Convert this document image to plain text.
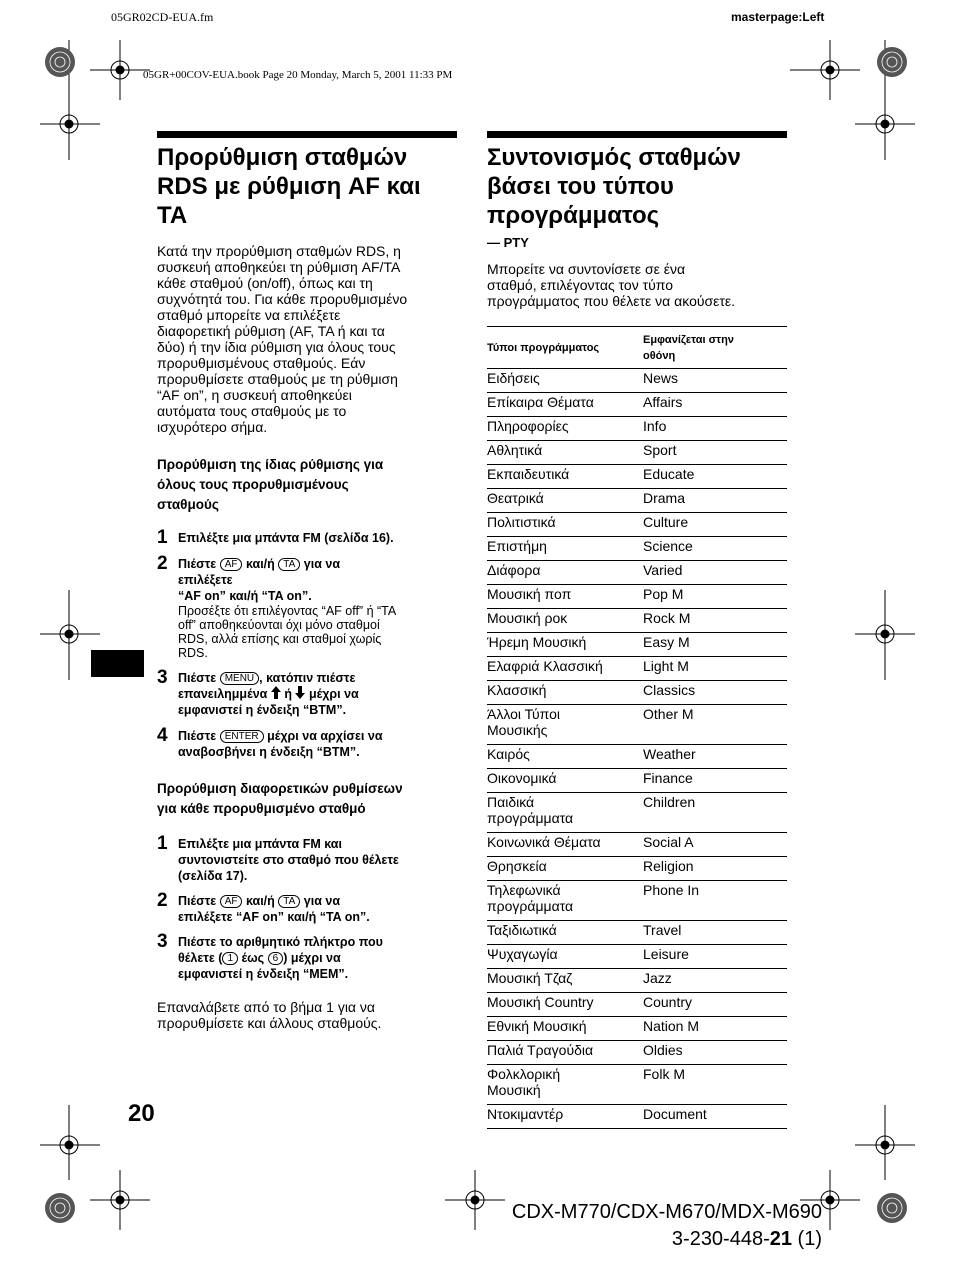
05GR02CD-EUA.fm	masterpage:Left
05GR+00COV-EUA.book Page 20 Monday, March 5, 2001 11:33 PM
Προρύθμιση σταθμών
RDS με ρύθμιση AF και
TA
Κατά την προρύθμιση σταθμών RDS, η
συσκευή αποθηκεύει τη ρύθμιση AF/TA
κάθε σταθμού (on/off), όπως και τη
συχνότητά του. Για κάθε προρυθμισμένο
σταθμό μπορείτε να επιλέξετε
διαφορετική ρύθμιση (AF, TA ή και τα
δύο) ή την ίδια ρύθμιση για όλους τους
προρυθμισμένους σταθμούς. Εάν
προρυθμίσετε σταθμούς με τη ρύθμιση
“AF on”, η συσκευή αποθηκεύει
αυτόματα τους σταθμούς με το
ισχυρότερο σήμα.
Προρύθμιση της ίδιας ρύθμισης για
όλους τους προρυθμισμένους
σταθμούς
1 Επιλέξτε μια μπάντα FM (σελίδα 16).
2 Πιέστε AF και/ή TA για να
επιλέξετε
“AF on” και/ή “TA on”.
Προσέξτε ότι επιλέγοντας “AF off” ή “TA
off” αποθηκεύονται όχι μόνο σταθμοί
RDS, αλλά επίσης και σταθμοί χωρίς
RDS.
3 Πιέστε MENU , κατόπιν πιέστε
επανειλημμένα ή μέχρι να
εμφανιστεί η ένδειξη “BTM”.
4 Πιέστε ENTER μέχρι να αρχίσει να
αναβοσβήνει η ένδειξη “BTM”.
Προρύθμιση διαφορετικών ρυθμίσεων
για κάθε προρυθμισμένο σταθμό
1 Επιλέξτε μια μπάντα FM και
συντονιστείτε στο σταθμό που θέλετε
(σελίδα 17).
2 Πιέστε AF και/ή TA για να
επιλέξετε “AF on” και/ή “TA on”.
3 Πιέστε το αριθμητικό πλήκτρο που
θέλετε ( 1 έως 6 ) μέχρι να
εμφανιστεί η ένδειξη “MEM”.
Επαναλάβετε από το βήμα 1 για να
προρυθμίσετε και άλλους σταθμούς.
Συντονισμός σταθμών
βάσει του τύπου
προγράμματος
— PTY
Μπορείτε να συντονίσετε σε ένα
σταθμό, επιλέγοντας τον τύπο
προγράμματος που θέλετε να ακούσετε.
Τύποι προγράμματος	Εμφανίζεται στην
οθόνη

Ειδήσεις	News
Επίκαιρα Θέματα	Affairs
Πληροφορίες	Info
Αθλητικά	Sport
Εκπαιδευτικά	Educate
Θεατρικά	Drama
Πολιτιστικά	Culture
Επιστήμη	Science
Διάφορα	Varied
Μουσική ποπ	Pop M
Μουσική ροκ	Rock M
Ήρεμη Μουσική	Easy M
Ελαφριά Κλασσική	Light M
Κλασσική	Classics
Άλλοι Τύποι
Μουσικής	Other M
Καιρός	Weather
Οικονομικά	Finance
Παιδικά
προγράμματα	Children
Κοινωνικά Θέματα	Social A
Θρησκεία	Religion
Τηλεφωνικά
προγράμματα	Phone In
Ταξιδιωτικά	Travel
Ψυχαγωγία	Leisure
Μουσική Τζαζ	Jazz
Μουσική Country	Country
Εθνική Μουσική	Nation M
Παλιά Τραγούδια	Oldies
Φολκλορική
Μουσική	Folk M
Ντοκιμαντέρ	Document
20
CDX-M770/CDX-M670/MDX-M690
3-230-448-21 (1)
